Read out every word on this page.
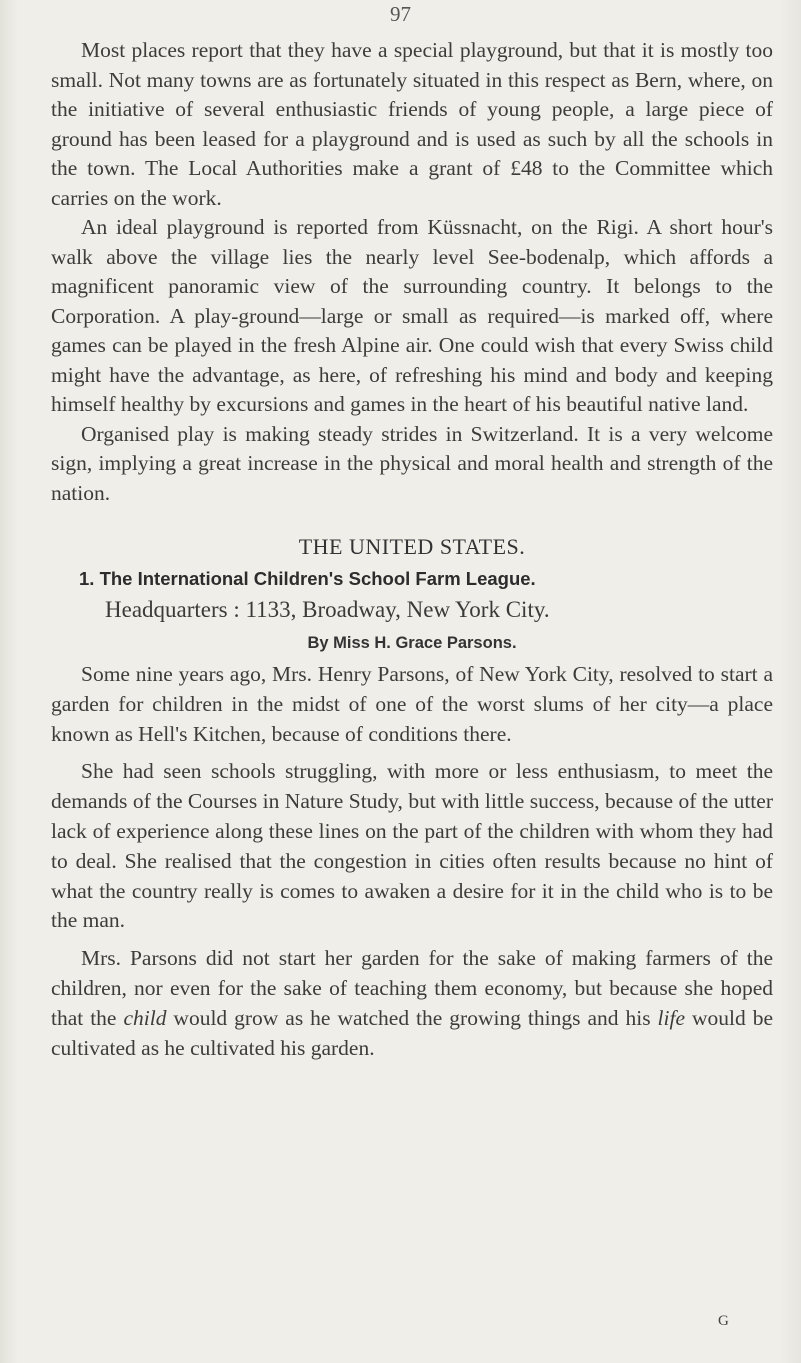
97

Most places report that they have a special playground, but that it is mostly too small. Not many towns are as fortunately situated in this respect as Bern, where, on the initiative of several enthusiastic friends of young people, a large piece of ground has been leased for a playground and is used as such by all the schools in the town. The Local Authorities make a grant of £48 to the Committee which carries on the work.

An ideal playground is reported from Küssnacht, on the Rigi. A short hour's walk above the village lies the nearly level See-bodenalp, which affords a magnificent panoramic view of the surrounding country. It belongs to the Corporation. A play-ground—large or small as required—is marked off, where games can be played in the fresh Alpine air. One could wish that every Swiss child might have the advantage, as here, of refreshing his mind and body and keeping himself healthy by excursions and games in the heart of his beautiful native land.

Organised play is making steady strides in Switzerland. It is a very welcome sign, implying a great increase in the physical and moral health and strength of the nation.

THE UNITED STATES.
1. The International Children's School Farm League.
Headquarters : 1133, Broadway, New York City.
By Miss H. Grace Parsons.

Some nine years ago, Mrs. Henry Parsons, of New York City, resolved to start a garden for children in the midst of one of the worst slums of her city—a place known as Hell's Kitchen, because of conditions there.

She had seen schools struggling, with more or less enthusiasm, to meet the demands of the Courses in Nature Study, but with little success, because of the utter lack of experience along these lines on the part of the children with whom they had to deal. She realised that the congestion in cities often results because no hint of what the country really is comes to awaken a desire for it in the child who is to be the man.

Mrs. Parsons did not start her garden for the sake of making farmers of the children, nor even for the sake of teaching them economy, but because she hoped that the child would grow as he watched the growing things and his life would be cultivated as he cultivated his garden.

G
